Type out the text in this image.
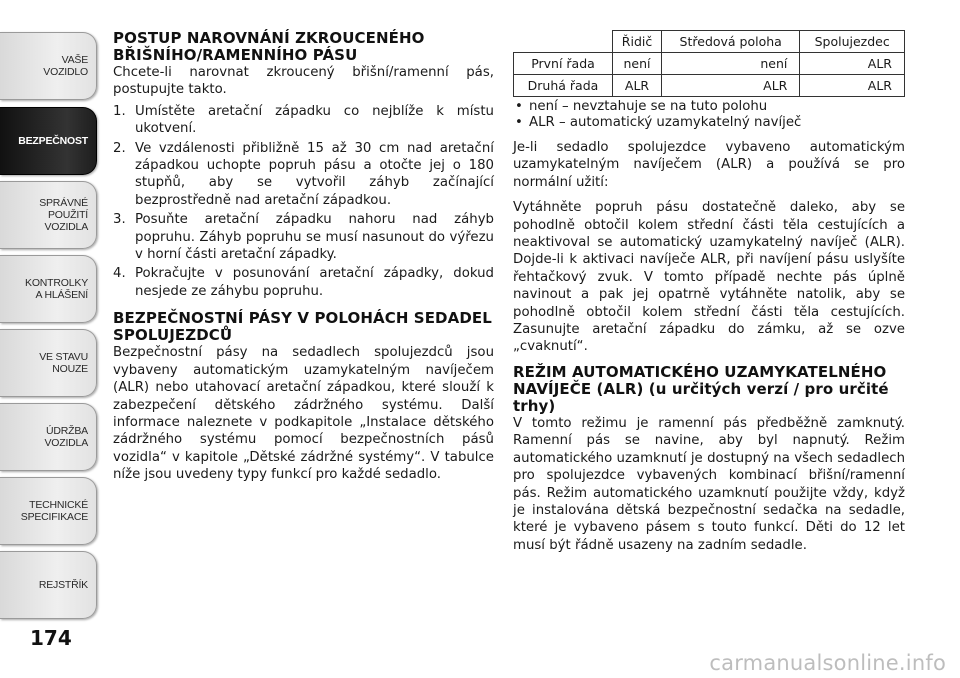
VAŠE
VOZIDLO
BEZPEČNOST
SPRÁVNÉ
POUŽITÍ
VOZIDLA
KONTROLKY
A HLÁŠENÍ
VE STAVU
NOUZE
ÚDRŽBA
VOZIDLA
TECHNICKÉ
SPECIFIKACE
REJSTŘÍK
174
POSTUP NAROVNÁNÍ ZKROUCENÉHO BŘIŠNÍHO/RAMENNÍHO PÁSU

Chcete-li narovnat zkroucený břišní/ramenní pás, postupujte takto.

1. Umístěte aretační západku co nejblíže k místu ukotvení.
2. Ve vzdálenosti přibližně 15 až 30 cm nad aretační západkou uchopte popruh pásu a otočte jej o 180 stupňů, aby se vytvořil záhyb začínající bezprostředně nad aretační západkou.
3. Posuňte aretační západku nahoru nad záhyb popruhu. Záhyb popruhu se musí nasunout do výřezu v horní části aretační západky.
4. Pokračujte v posunování aretační západky, dokud nesjede ze záhybu popruhu.
BEZPEČNOSTNÍ PÁSY V POLOHÁCH SEDADEL SPOLUJEZDCŮ

Bezpečnostní pásy na sedadlech spolujezdců jsou vybaveny automatickým uzamykatelným navíječem (ALR) nebo utahovací aretační západkou, které slouží k zabezpečení dětského zádržného systému. Další informace naleznete v podkapitole „Instalace dětského zádržného systému pomocí bezpečnostních pásů vozidla“ v kapitole „Dětské zádržné systémy“. V tabulce níže jsou uvedeny typy funkcí pro každé sedadlo.

	Řidič	Středová poloha	Spolujezdec
První řada	není	není	ALR
Druhá řada	ALR	ALR	ALR
• není – nevztahuje se na tuto polohu
• ALR – automatický uzamykatelný navíječ

Je-li sedadlo spolujezdce vybaveno automatickým uzamykatelným navíječem (ALR) a používá se pro normální užití:

Vytáhněte popruh pásu dostatečně daleko, aby se pohodlně obtočil kolem střední části těla cestujících a neaktivoval se automatický uzamykatelný navíječ (ALR). Dojde-li k aktivaci navíječe ALR, při navíjení pásu uslyšíte řehtačkový zvuk. V tomto případě nechte pás úplně navinout a pak jej opatrně vytáhněte natolik, aby se pohodlně obtočil kolem střední části těla cestujících. Zasunujte aretační západku do zámku, až se ozve „cvaknutí“.

REŽIM AUTOMATICKÉHO UZAMYKATELNÉHO NAVÍJEČE (ALR) (u určitých verzí / pro určité trhy)

V tomto režimu je ramenní pás předběžně zamknutý. Ramenní pás se navine, aby byl napnutý. Režim automatického uzamknutí je dostupný na všech sedadlech pro spolujezdce vybavených kombinací břišní/ramenní pás. Režim automatického uzamknutí použijte vždy, když je instalována dětská bezpečnostní sedačka na sedadle, které je vybaveno pásem s touto funkcí. Děti do 12 let musí být řádně usazeny na zadním sedadle.

carmanualsonline.info
